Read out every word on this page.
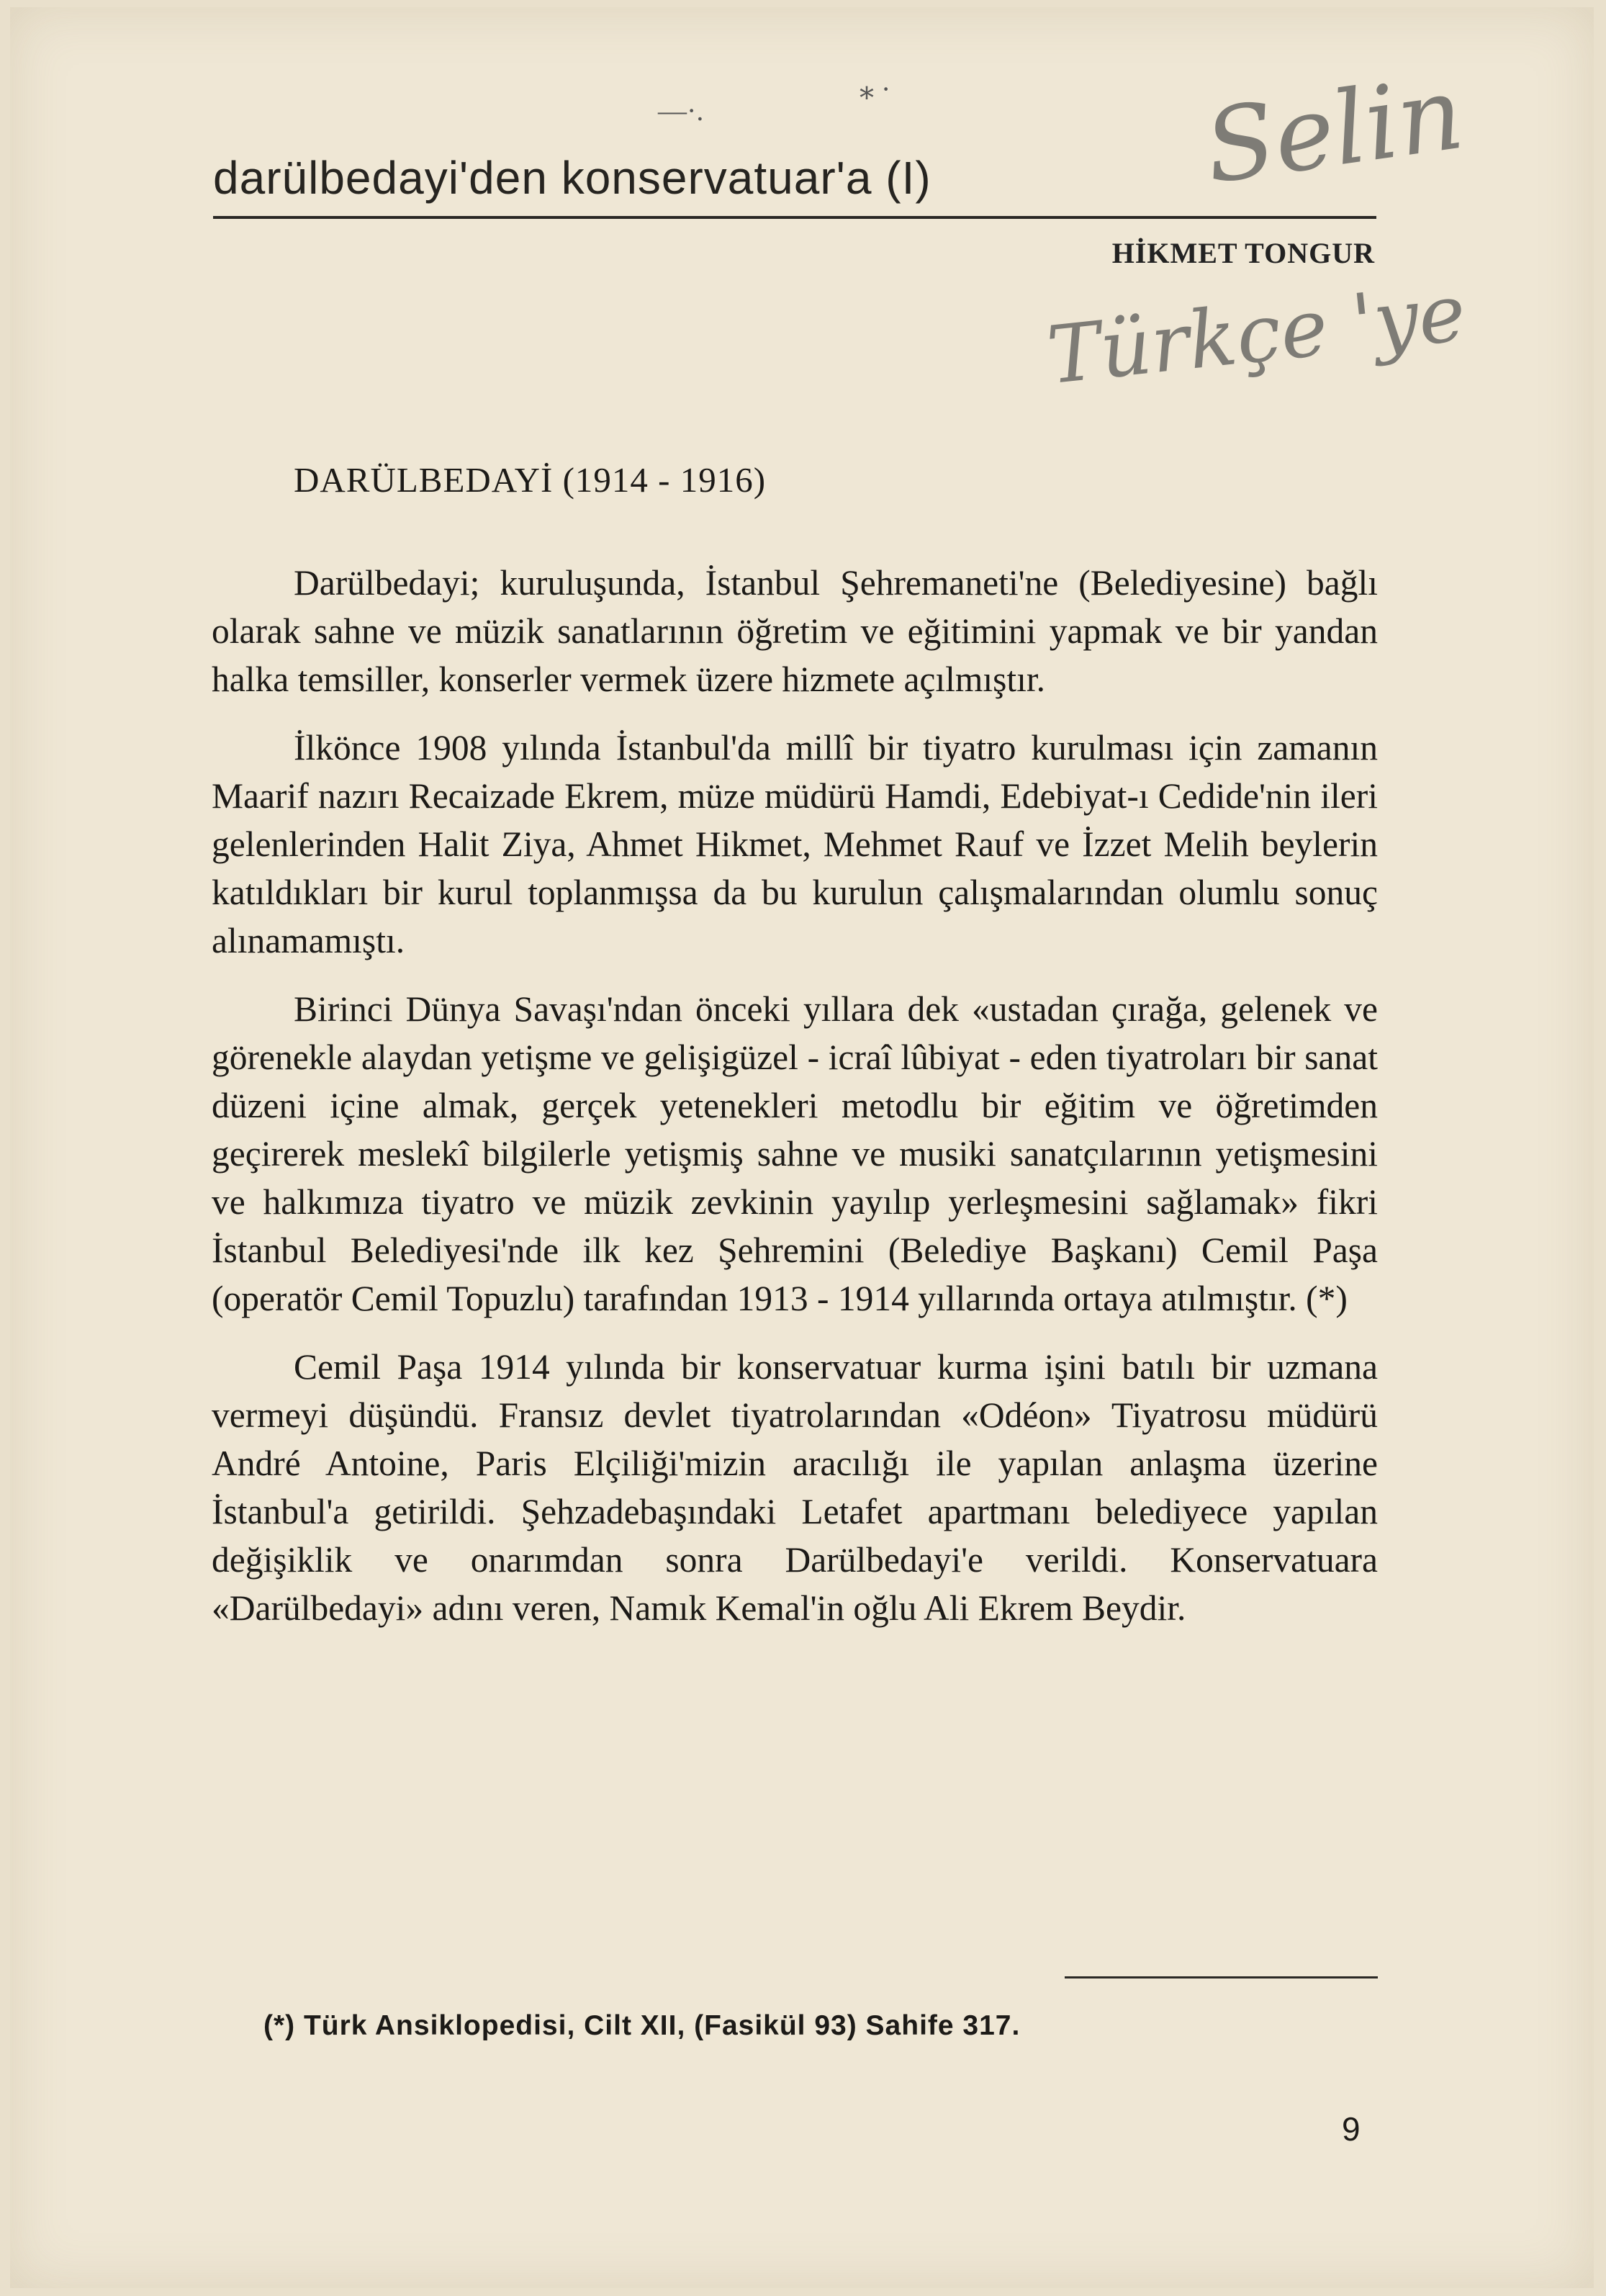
Selin
—·.
⁎ ·
darülbedayi'den konservatuar'a (I)
HİKMET TONGUR
Türkçe 'ye
DARÜLBEDAYİ (1914 - 1916)

Darülbedayi; kuruluşunda, İstanbul Şehremaneti'ne (Belediyesine) bağlı olarak sahne ve müzik sanatlarının öğretim ve eğitimini yapmak ve bir yandan halka temsiller, konserler vermek üzere hizmete açılmıştır.

İlkönce 1908 yılında İstanbul'da millî bir tiyatro kurulması için zamanın Maarif nazırı Recaizade Ekrem, müze müdürü Hamdi, Edebiyat-ı Cedide'nin ileri gelenlerinden Halit Ziya, Ahmet Hikmet, Mehmet Rauf ve İzzet Melih beylerin katıldıkları bir kurul toplanmışsa da bu kurulun çalışmalarından olumlu sonuç alınamamıştı.

Birinci Dünya Savaşı'ndan önceki yıllara dek «ustadan çırağa, gelenek ve görenekle alaydan yetişme ve gelişigüzel - icraî lûbiyat - eden tiyatroları bir sanat düzeni içine almak, gerçek yetenekleri metodlu bir eğitim ve öğretimden geçirerek meslekî bilgilerle yetişmiş sahne ve musiki sanatçılarının yetişmesini ve halkımıza tiyatro ve müzik zevkinin yayılıp yerleşmesini sağlamak» fikri İstanbul Belediyesi'nde ilk kez Şehremini (Belediye Başkanı) Cemil Paşa (operatör Cemil Topuzlu) tarafından 1913 - 1914 yıllarında ortaya atılmıştır. (*)

Cemil Paşa 1914 yılında bir konservatuar kurma işini batılı bir uzmana vermeyi düşündü. Fransız devlet tiyatrolarından «Odéon» Tiyatrosu müdürü André Antoine, Paris Elçiliği'mizin aracılığı ile yapılan anlaşma üzerine İstanbul'a getirildi. Şehzadebaşındaki Letafet apartmanı belediyece yapılan değişiklik ve onarımdan sonra Darülbedayi'e verildi. Konservatuara «Darülbedayi» adını veren, Namık Kemal'in oğlu Ali Ekrem Beydir.

(*) Türk Ansiklopedisi, Cilt XII, (Fasikül 93) Sahife 317.
9
